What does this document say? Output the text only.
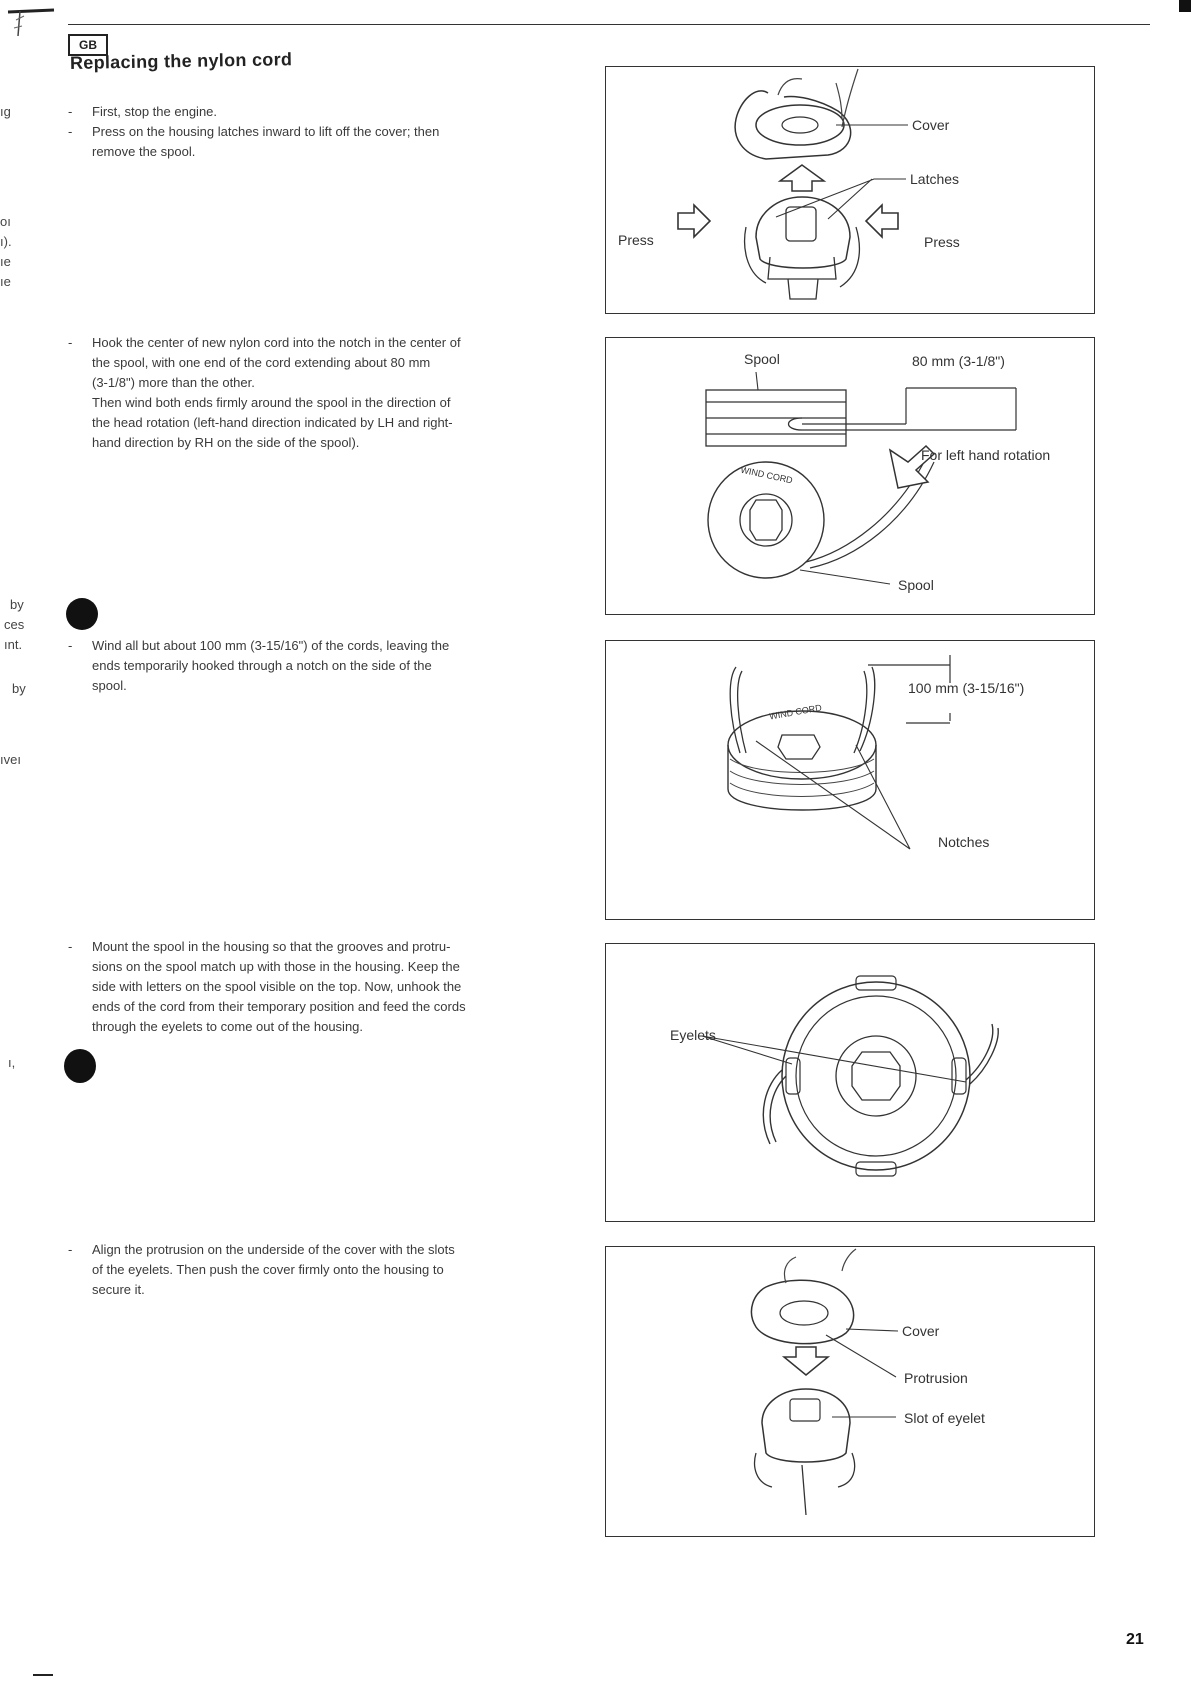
GB
Replacing the nylon cord
ıg
oı
ı).
ıe
ıe
by
ces
ınt.
by
ıveı
ı,
-	First, stop the engine.
-	Press on the housing latches inward to lift off the cover; then
remove the spool.
-	Hook the center of new nylon cord into the notch in the center of
the spool, with one end of the cord extending about 80 mm
(3-1/8") more than the other.
Then wind both ends firmly around the spool in the direction of
the head rotation (left-hand direction indicated by LH and right-
hand direction by RH on the side of the spool).
-	Wind all but about 100 mm (3-15/16") of the cords, leaving the
ends temporarily hooked through a notch on the side of the
spool.
-	Mount the spool in the housing so that the grooves and protru-
sions on the spool match up with those in the housing. Keep the
side with letters on the spool visible on the top. Now, unhook the
ends of the cord from their temporary position and feed the cords
through the eyelets to come out of the housing.
-	Align the protrusion on the underside of the cover with the slots
of the eyelets. Then push the cover firmly onto the housing to
secure it.
Cover
Latches
Press	Press
WIND CORD
Spool	80 mm (3-1/8")
For left hand rotation
Spool
WIND CORD
100 mm (3-15/16")
Notches
Eyelets
Cover
Protrusion
Slot of eyelet
21
